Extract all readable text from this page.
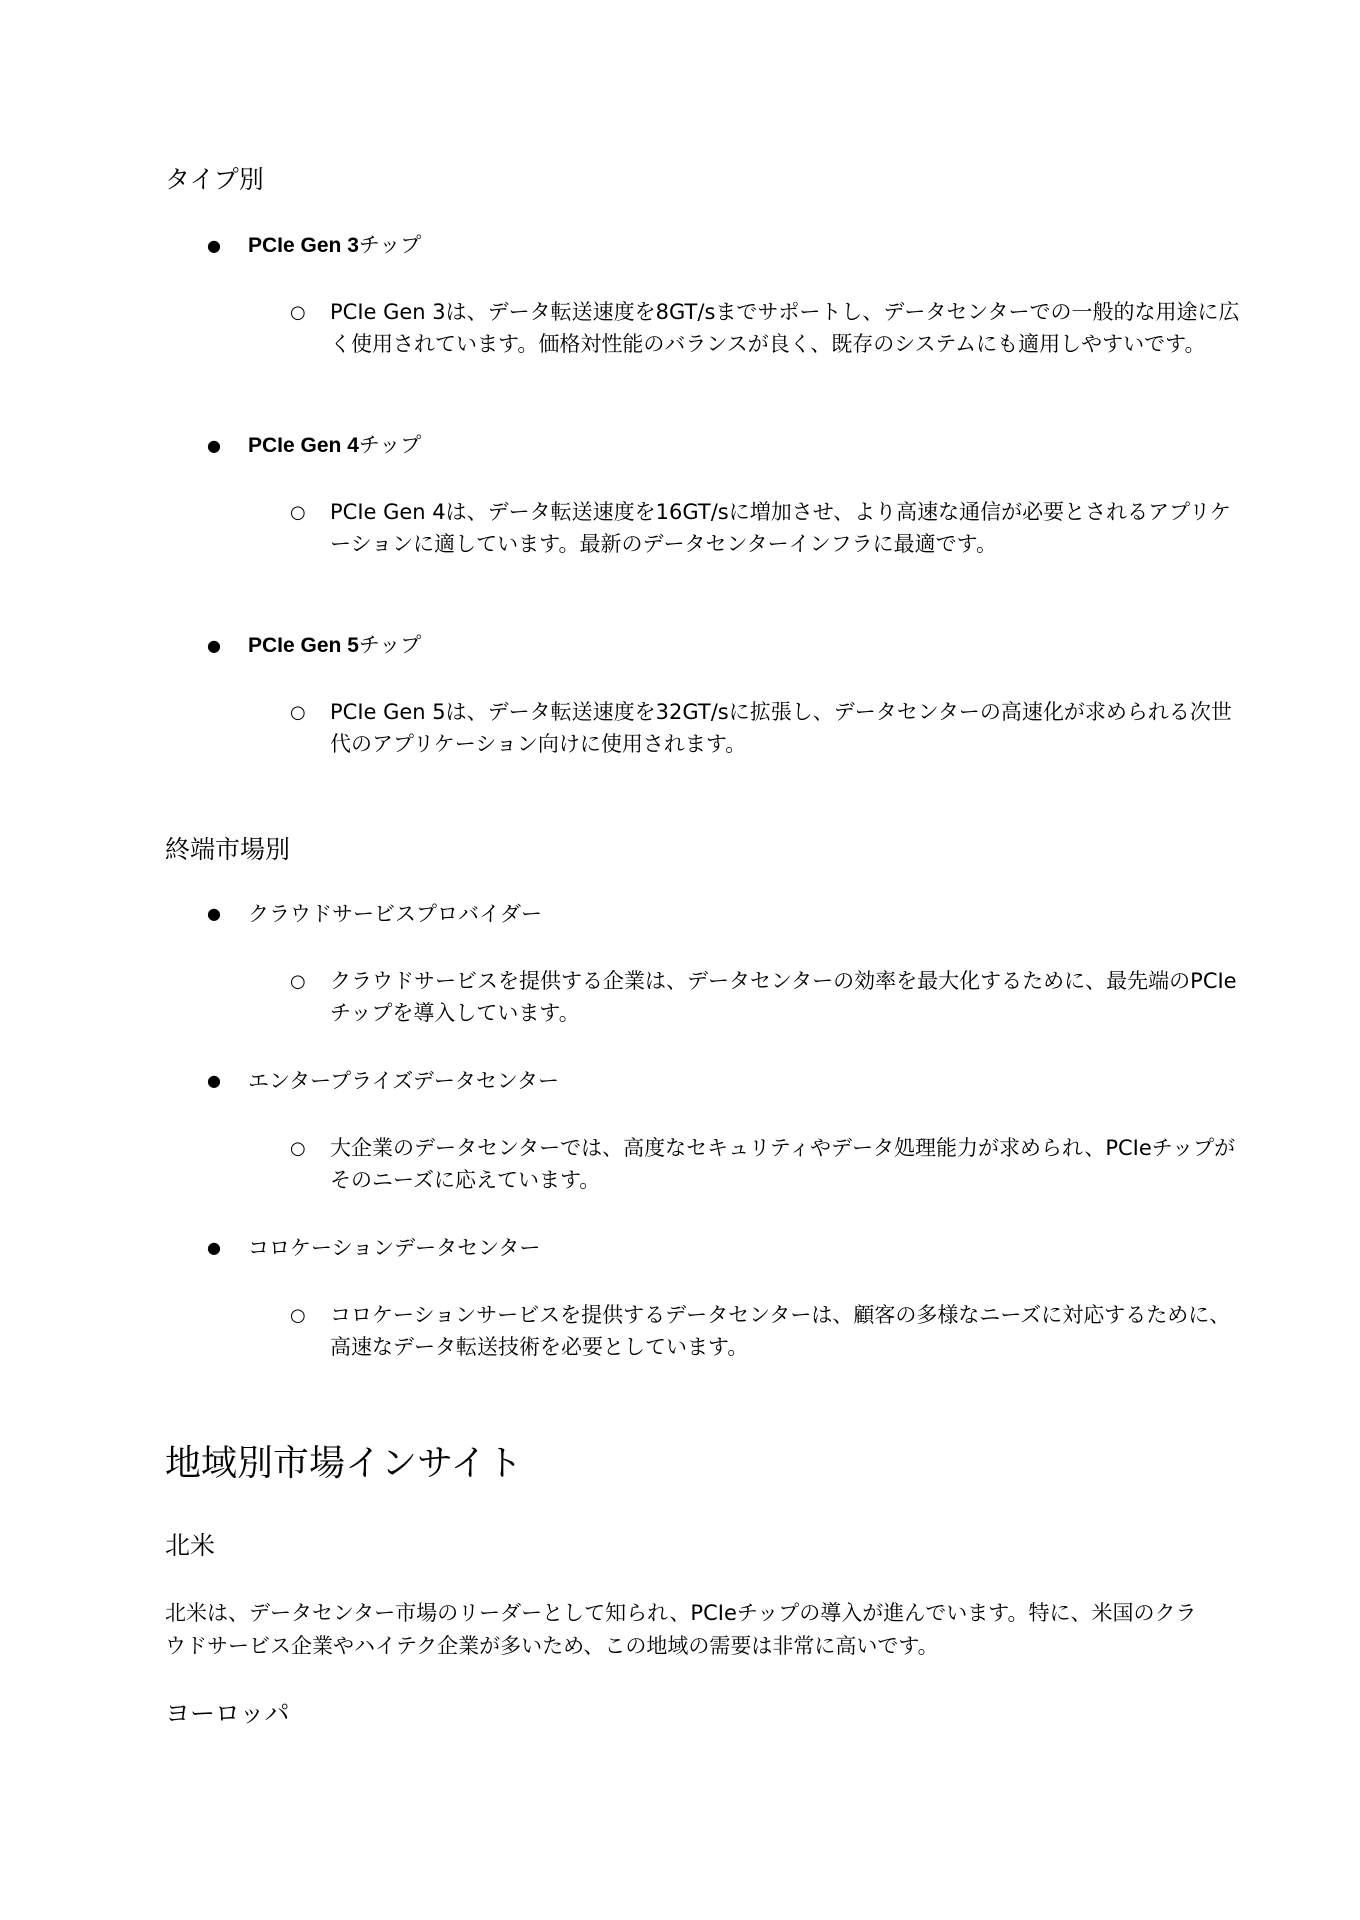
タイプ別
●	PCIe Gen 3チップ
○	PCIe Gen 3は、データ転送速度を8GT/sまでサポートし、データセンターでの一般的な用途に広く使用されています。価格対性能のバランスが良く、既存のシステムにも適用しやすいです。
●	PCIe Gen 4チップ
○	PCIe Gen 4は、データ転送速度を16GT/sに増加させ、より高速な通信が必要とされるアプリケーションに適しています。最新のデータセンターインフラに最適です。
●	PCIe Gen 5チップ
○	PCIe Gen 5は、データ転送速度を32GT/sに拡張し、データセンターの高速化が求められる次世代のアプリケーション向けに使用されます。
終端市場別
●	クラウドサービスプロバイダー
○	クラウドサービスを提供する企業は、データセンターの効率を最大化するために、最先端のPCIeチップを導入しています。
●	エンタープライズデータセンター
○	大企業のデータセンターでは、高度なセキュリティやデータ処理能力が求められ、PCIeチップがそのニーズに応えています。
●	コロケーションデータセンター
○	コロケーションサービスを提供するデータセンターは、顧客の多様なニーズに対応するために、高速なデータ転送技術を必要としています。
地域別市場インサイト
北米
北米は、データセンター市場のリーダーとして知られ、PCIeチップの導入が進んでいます。特に、米国のクラウドサービス企業やハイテク企業が多いため、この地域の需要は非常に高いです。
ヨーロッパ
